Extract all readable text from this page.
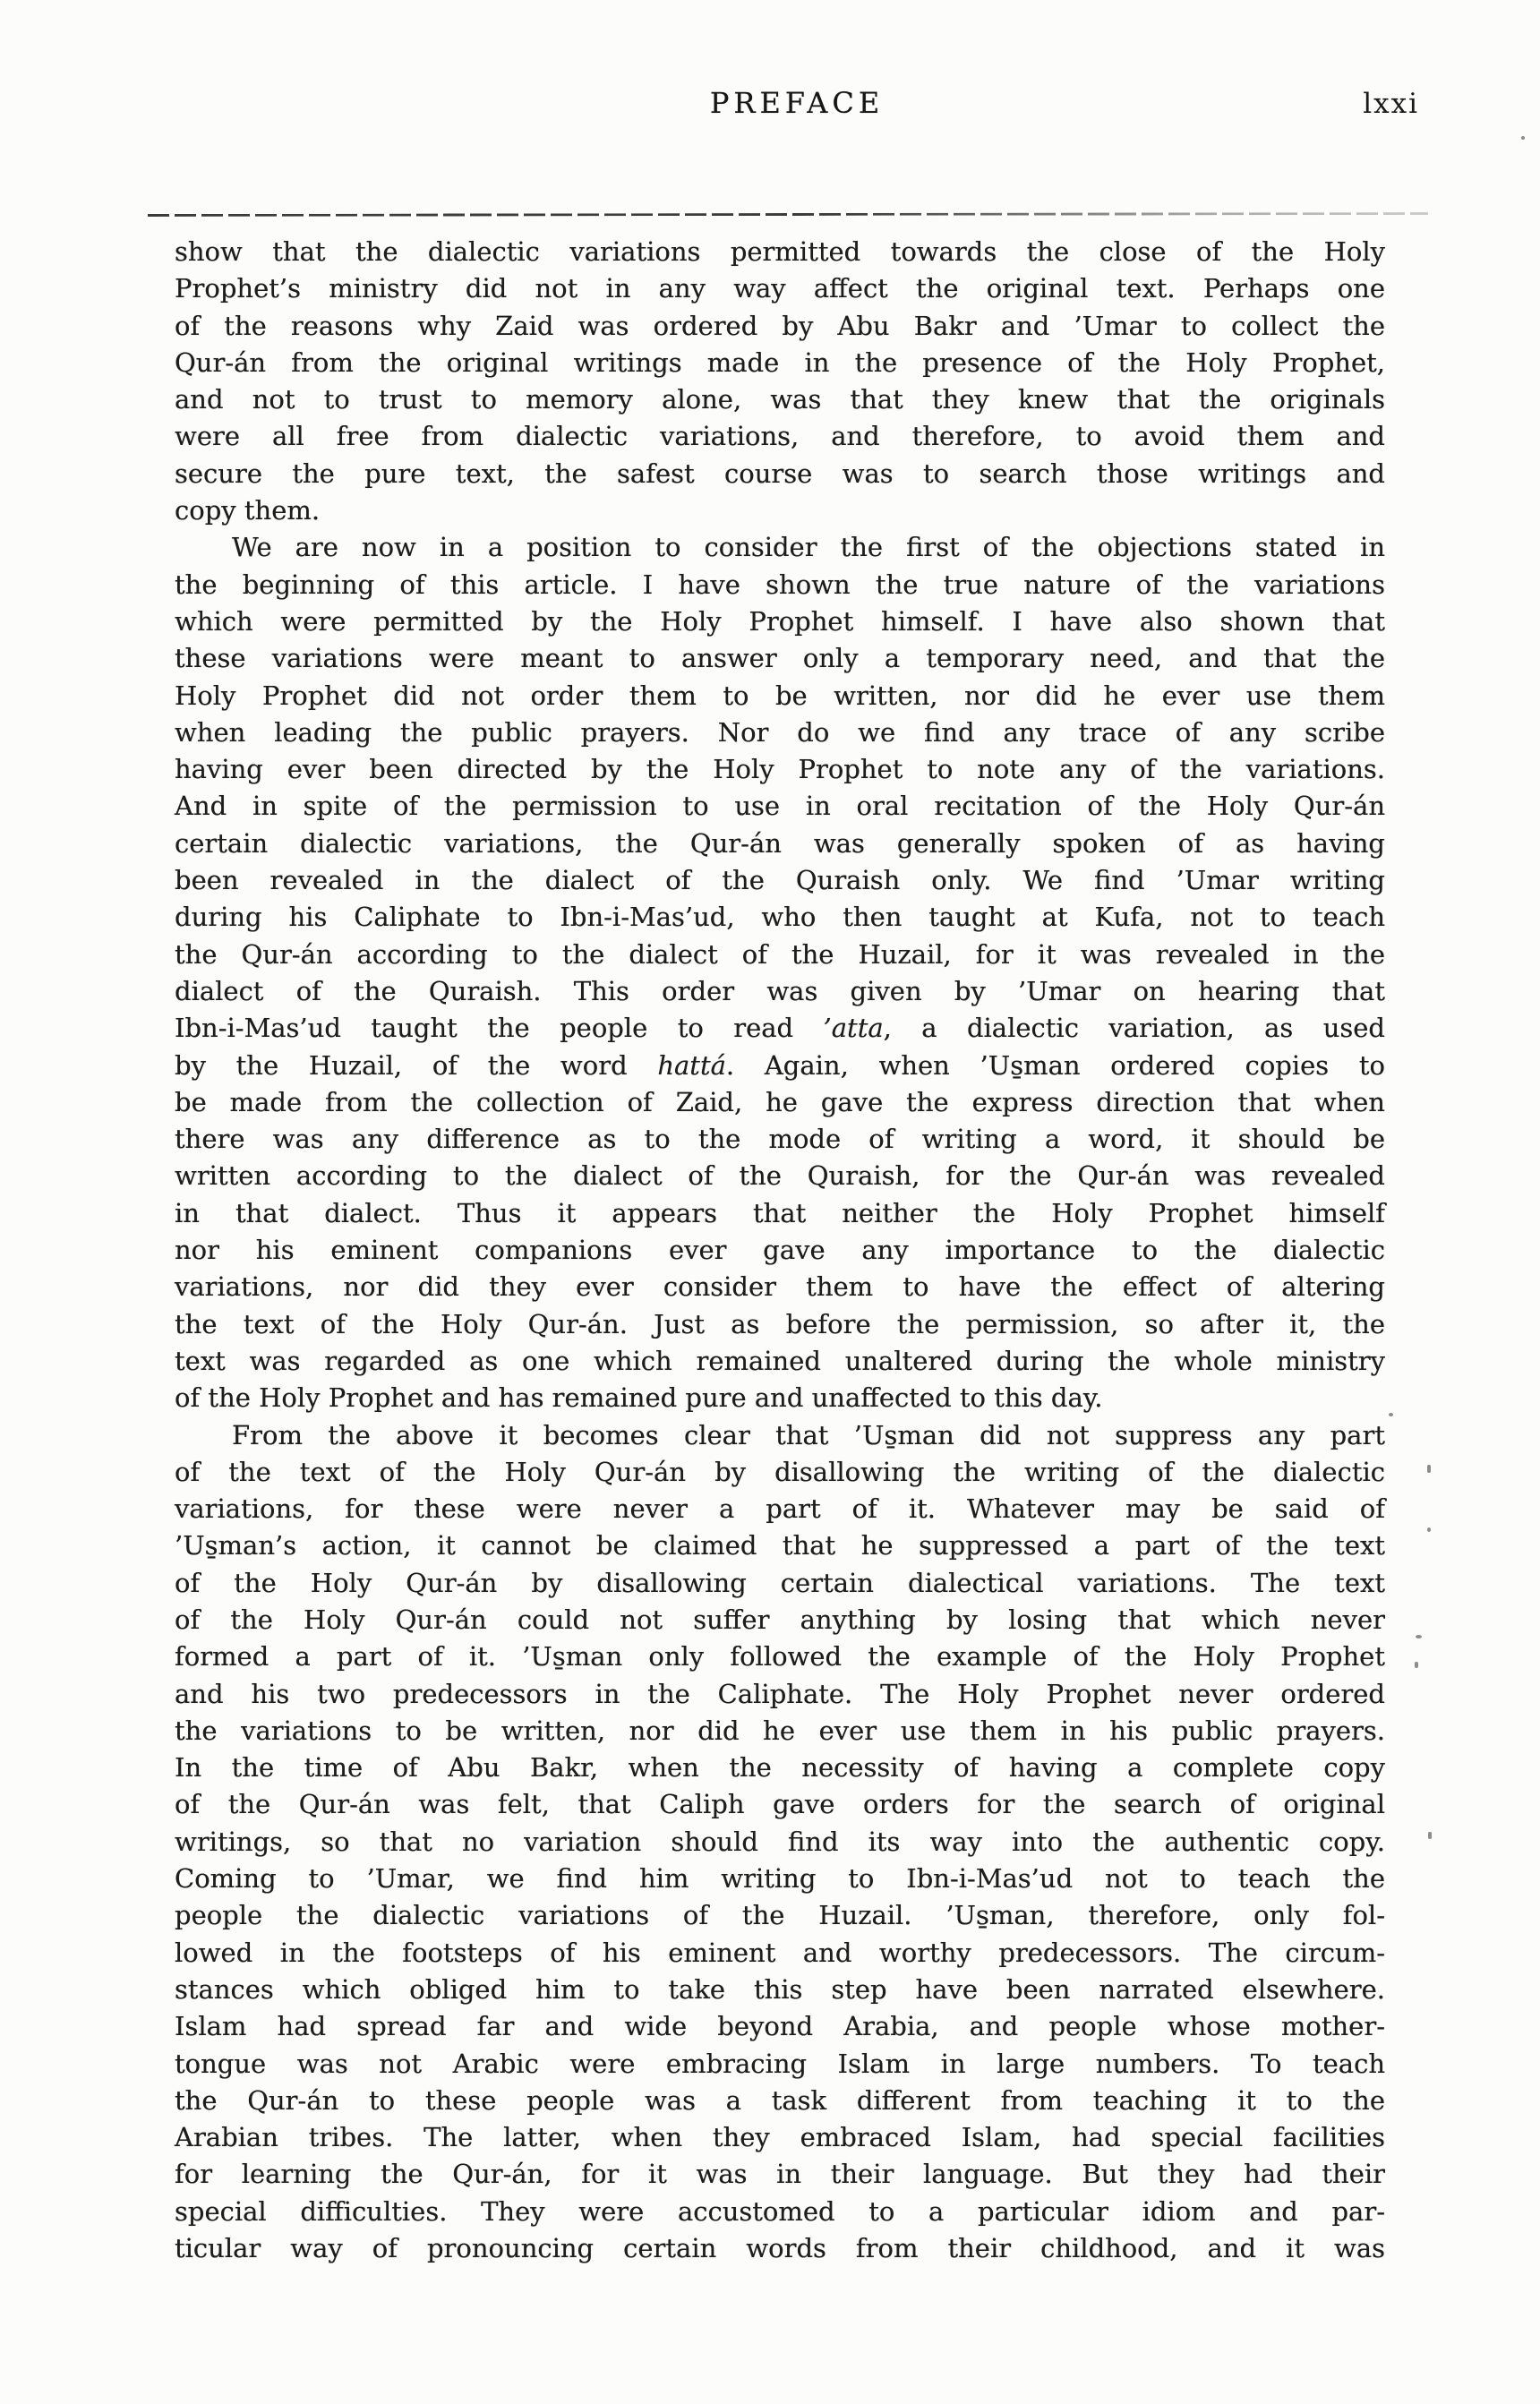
PREFACE	lxxi
show that the dialectic variations permitted towards the close of the Holy
Prophet’s ministry did not in any way affect the original text. Perhaps one
of the reasons why Zaid was ordered by Abu Bakr and ’Umar to collect the
Qur-án from the original writings made in the presence of the Holy Prophet,
and not to trust to memory alone, was that they knew that the originals
were all free from dialectic variations, and therefore, to avoid them and
secure the pure text, the safest course was to search those writings and
copy them.
We are now in a position to consider the first of the objections stated in
the beginning of this article. I have shown the true nature of the variations
which were permitted by the Holy Prophet himself. I have also shown that
these variations were meant to answer only a temporary need, and that the
Holy Prophet did not order them to be written, nor did he ever use them
when leading the public prayers. Nor do we find any trace of any scribe
having ever been directed by the Holy Prophet to note any of the variations.
And in spite of the permission to use in oral recitation of the Holy Qur-án
certain dialectic variations, the Qur-án was generally spoken of as having
been revealed in the dialect of the Quraish only. We find ’Umar writing
during his Caliphate to Ibn-i-Mas’ud, who then taught at Kufa, not to teach
the Qur-án according to the dialect of the Huzail, for it was revealed in the
dialect of the Quraish. This order was given by ’Umar on hearing that
Ibn-i-Mas’ud taught the people to read ’atta, a dialectic variation, as used
by the Huzail, of the word hattá. Again, when ’Us̱man ordered copies to
be made from the collection of Zaid, he gave the express direction that when
there was any difference as to the mode of writing a word, it should be
written according to the dialect of the Quraish, for the Qur-án was revealed
in that dialect. Thus it appears that neither the Holy Prophet himself
nor his eminent companions ever gave any importance to the dialectic
variations, nor did they ever consider them to have the effect of altering
the text of the Holy Qur-án. Just as before the permission, so after it, the
text was regarded as one which remained unaltered during the whole ministry
of the Holy Prophet and has remained pure and unaffected to this day.
From the above it becomes clear that ’Us̱man did not suppress any part
of the text of the Holy Qur-án by disallowing the writing of the dialectic
variations, for these were never a part of it. Whatever may be said of
’Us̱man’s action, it cannot be claimed that he suppressed a part of the text
of the Holy Qur-án by disallowing certain dialectical variations. The text
of the Holy Qur-án could not suffer anything by losing that which never
formed a part of it. ’Us̱man only followed the example of the Holy Prophet
and his two predecessors in the Caliphate. The Holy Prophet never ordered
the variations to be written, nor did he ever use them in his public prayers.
In the time of Abu Bakr, when the necessity of having a complete copy
of the Qur-án was felt, that Caliph gave orders for the search of original
writings, so that no variation should find its way into the authentic copy.
Coming to ’Umar, we find him writing to Ibn-i-Mas’ud not to teach the
people the dialectic variations of the Huzail. ’Us̱man, therefore, only fol-
lowed in the footsteps of his eminent and worthy predecessors. The circum-
stances which obliged him to take this step have been narrated elsewhere.
Islam had spread far and wide beyond Arabia, and people whose mother-
tongue was not Arabic were embracing Islam in large numbers. To teach
the Qur-án to these people was a task different from teaching it to the
Arabian tribes. The latter, when they embraced Islam, had special facilities
for learning the Qur-án, for it was in their language. But they had their
special difficulties. They were accustomed to a particular idiom and par-
ticular way of pronouncing certain words from their childhood, and it was
